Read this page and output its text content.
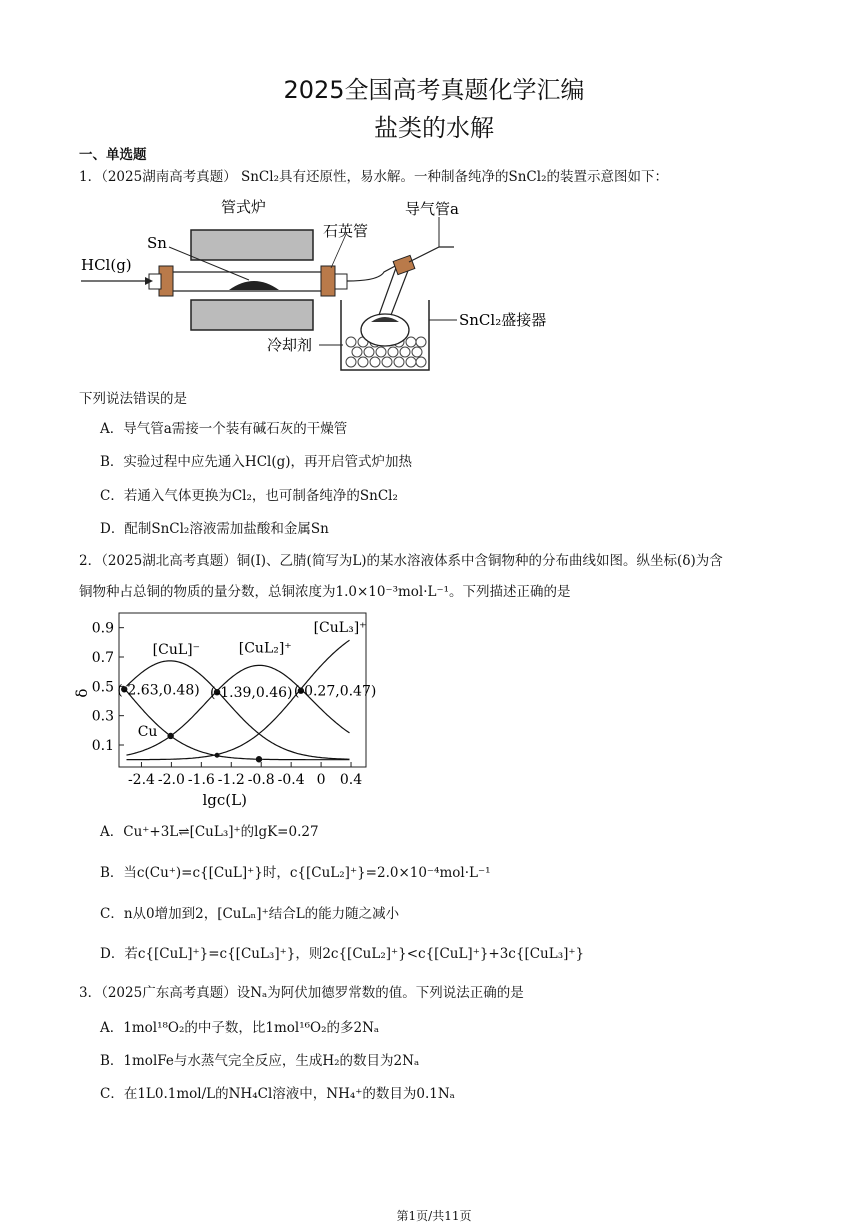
2025全国高考真题化学汇编
盐类的水解
一、单选题
1．（2025湖南高考真题） SnCl₂具有还原性，易水解。一种制备纯净的SnCl₂的装置示意图如下：
管式炉
石英管
导气管a
Sn
HCl(g)
SnCl₂盛接器
冷却剂
下列说法错误的是
A．导气管a需接一个装有碱石灰的干燥管
B．实验过程中应先通入HCl(g)，再开启管式炉加热
C．若通入气体更换为Cl₂，也可制备纯净的SnCl₂
D．配制SnCl₂溶液需加盐酸和金属Sn
2．（2025湖北高考真题）铜(I)、乙腈(简写为L)的某水溶液体系中含铜物种的分布曲线如图。纵坐标(δ)为含
铜物种占总铜的物质的量分数，总铜浓度为1.0×10⁻³mol·L⁻¹。下列描述正确的是
0.1
0.3
0.5
0.7
0.9
-2.4 -2.0 -1.6 -1.2 -0.8 -0.4 0 0.4
lgc(L)
δ (-2.63,0.48) (-1.39,0.46) (-0.27,0.47)
Cu
[CuL]⁻	[CuL₂]⁺
[CuL₃]⁺
A．Cu⁺+3L⇌[CuL₃]⁺的lgK=0.27
B．当c(Cu⁺)=c{[CuL]⁺}时，c{[CuL₂]⁺}=2.0×10⁻⁴mol·L⁻¹
C．n从0增加到2，[CuLₙ]⁺结合L的能力随之减小
D．若c{[CuL]⁺}=c{[CuL₃]⁺}，则2c{[CuL₂]⁺}<c{[CuL]⁺}+3c{[CuL₃]⁺}
3．（2025广东高考真题）设Nₐ为阿伏加德罗常数的值。下列说法正确的是
A．1mol¹⁸O₂的中子数，比1mol¹⁶O₂的多2Nₐ
B．1molFe与水蒸气完全反应，生成H₂的数目为2Nₐ
C．在1L0.1mol/L的NH₄Cl溶液中，NH₄⁺的数目为0.1Nₐ
第1页/共11页
